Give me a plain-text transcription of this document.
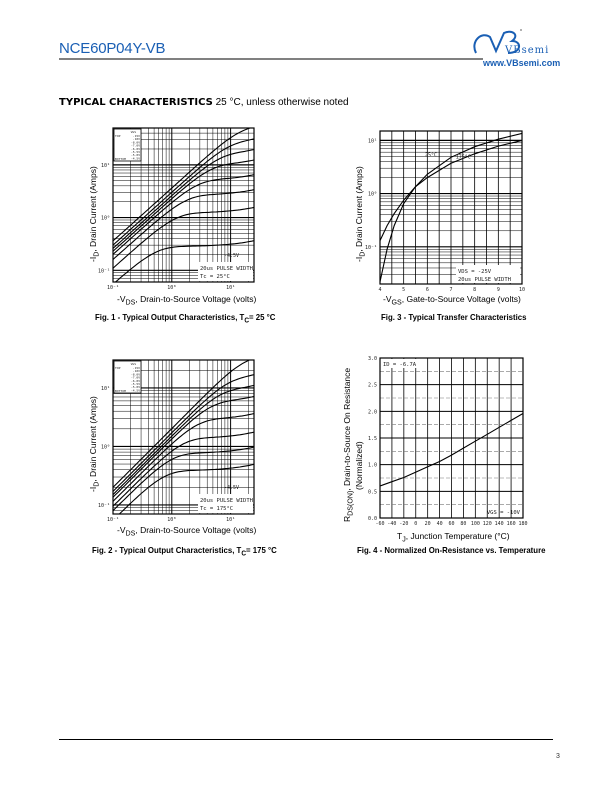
NCE60P04Y-VB	VBsemi
www.VBsemi.com
TYPICAL CHARACTERISTICS 25 °C, unless otherwise noted
10⁻¹	10⁰	10¹
10⁻¹
10⁰
10¹
VGS
TOP	-15V
-10V
-8.0V
-7.0V
-6.0V
-5.5V
-5.0V
-4.5V
BOTTOM
-4.5V
20us PULSE WIDTH
Tc = 25°C
10⁻¹	10⁰	10¹
10⁻¹
10⁰
10¹
VGS
TOP	-15V
-10V
-8.0V
-7.0V
-6.0V
-5.5V
-5.0V
-4.5V
BOTTOM
-4.5V
20us PULSE WIDTH
Tc = 175°C
4	5	6	7	8	9	10
10⁻¹
10⁰
10¹
25°C	175°C
VDS = -25V
20us PULSE WIDTH
-60 -40 -20 0 20 40 60 80 100 120 140 160 180
0.0
0.5
1.0
1.5
2.0
2.5
3.0
ID = -6.7A
VGS = -10V
$-V_{DS}$, Drain-to-Source Voltage (volts)
$-I_D$, Drain Current (Amps)
Fig. 1 - Typical Output Characteristics, $T_C= 25$ °C
$-V_{GS}$, Gate-to-Source Voltage (volts)
$-I_D$, Drain Current (Amps)
Fig. 3 - Typical Transfer Characteristics
$-V_{DS}$, Drain-to-Source Voltage (volts)
$-I_D$, Drain Current (Amps)
Fig. 2 - Typical Output Characteristics, $T_C= 175$ °C
$T_J$, Junction Temperature (°C)
$R_{DS(ON)}$, Drain-to-Source On Resistance (Normalized)
Fig. 4 - Normalized On-Resistance vs. Temperature
3
